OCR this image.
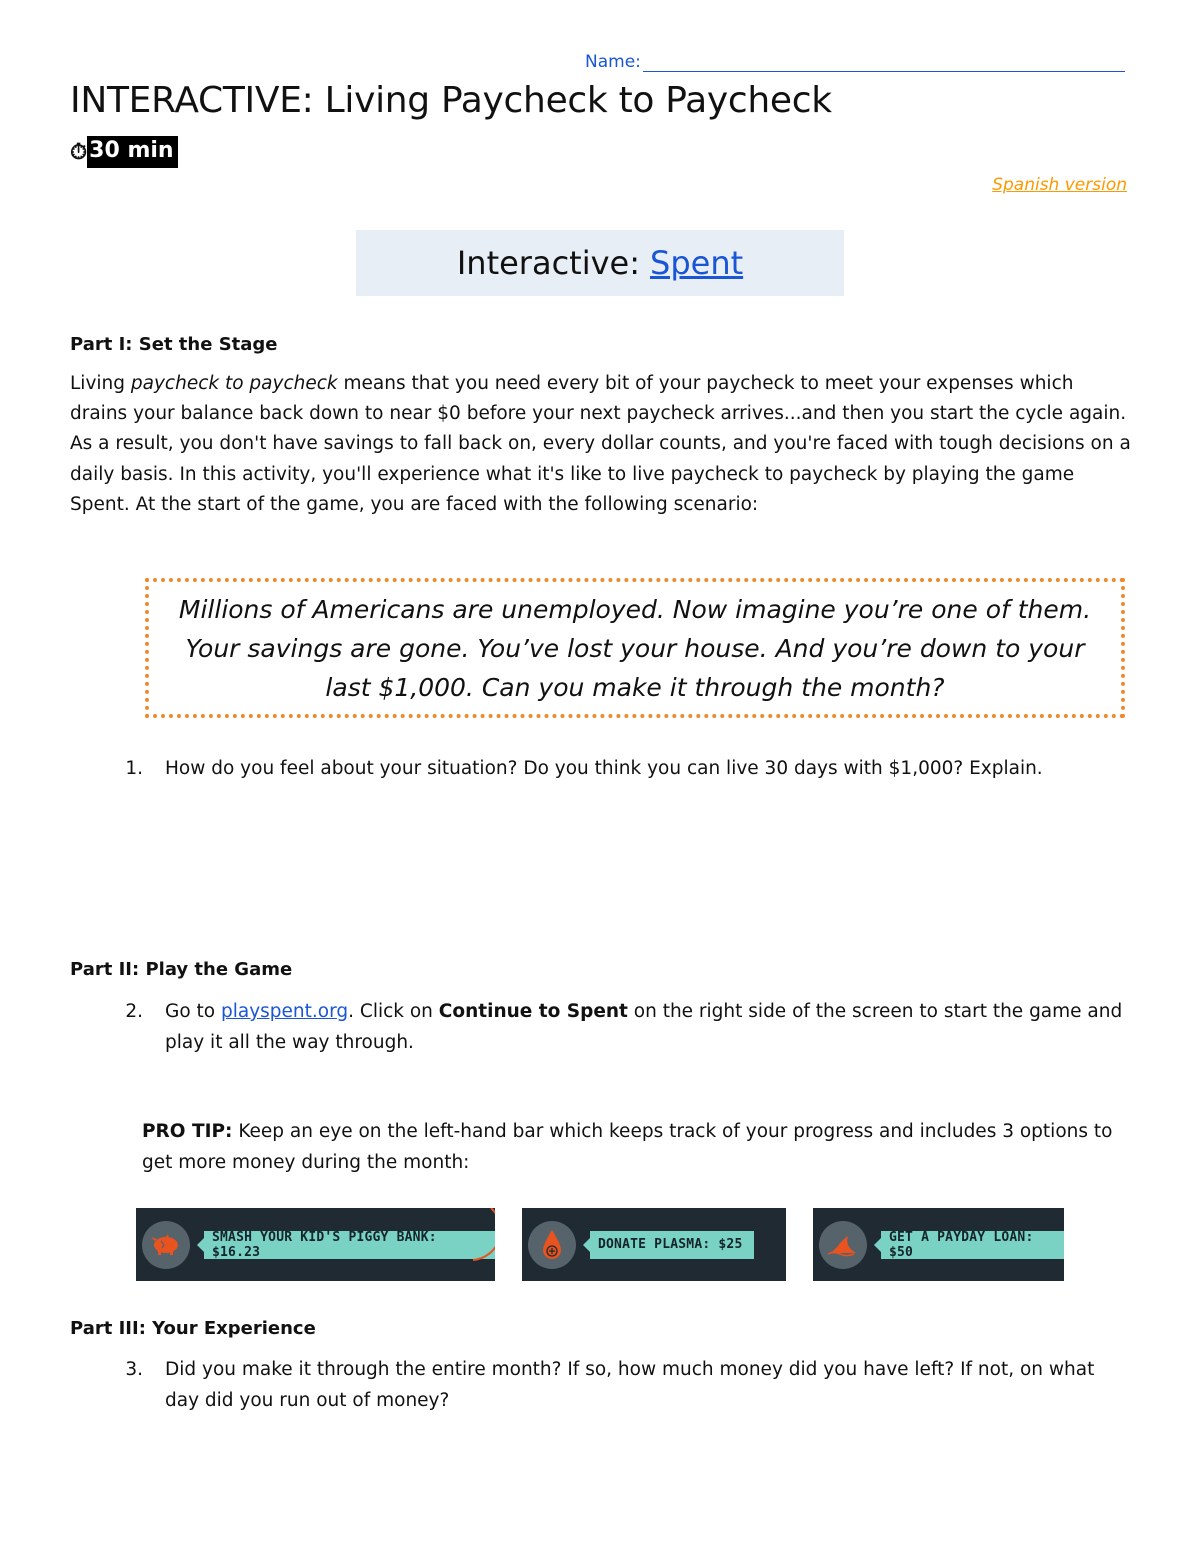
Name:
INTERACTIVE: Living Paycheck to Paycheck
⏱ 30 min
Spanish version
Interactive: Spent
Part I: Set the Stage
Living paycheck to paycheck means that you need every bit of your paycheck to meet your expenses which drains your balance back down to near $0 before your next paycheck arrives...and then you start the cycle again. As a result, you don't have savings to fall back on, every dollar counts, and you're faced with tough decisions on a daily basis. In this activity, you'll experience what it's like to live paycheck to paycheck by playing the game Spent. At the start of the game, you are faced with the following scenario:
Millions of Americans are unemployed. Now imagine you’re one of them. Your savings are gone. You’ve lost your house. And you’re down to your last $1,000. Can you make it through the month?
1.	How do you feel about your situation? Do you think you can live 30 days with $1,000? Explain.
Part II: Play the Game
2.	Go to playspent.org. Click on Continue to Spent on the right side of the screen to start the game and play it all the way through.
PRO TIP: Keep an eye on the left-hand bar which keeps track of your progress and includes 3 options to get more money during the month:
SMASH YOUR KID'S PIGGY BANK: $16.23	DONATE PLASMA: $25	GET A PAYDAY LOAN: $50
Part III: Your Experience
3.	Did you make it through the entire month? If so, how much money did you have left? If not, on what day did you run out of money?
